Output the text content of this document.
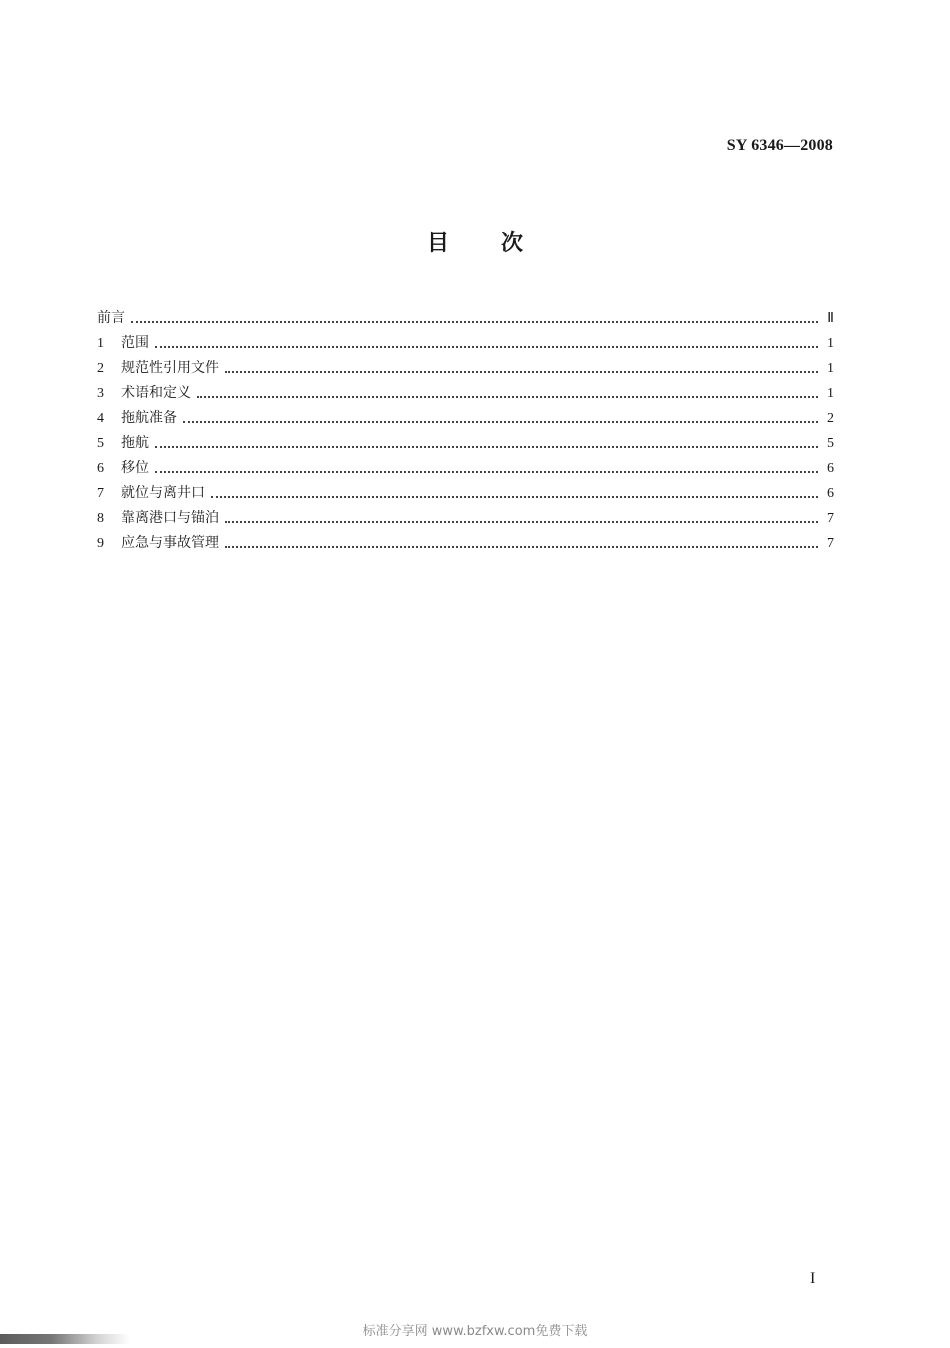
SY 6346—2008
目 次
前言	Ⅱ
1	范围	1
2	规范性引用文件	1
3	术语和定义	1
4	拖航准备	2
5	拖航	5
6	移位	6
7	就位与离井口	6
8	靠离港口与锚泊	7
9	应急与事故管理	7
I
标准分享网 www.bzfxw.com免费下载
